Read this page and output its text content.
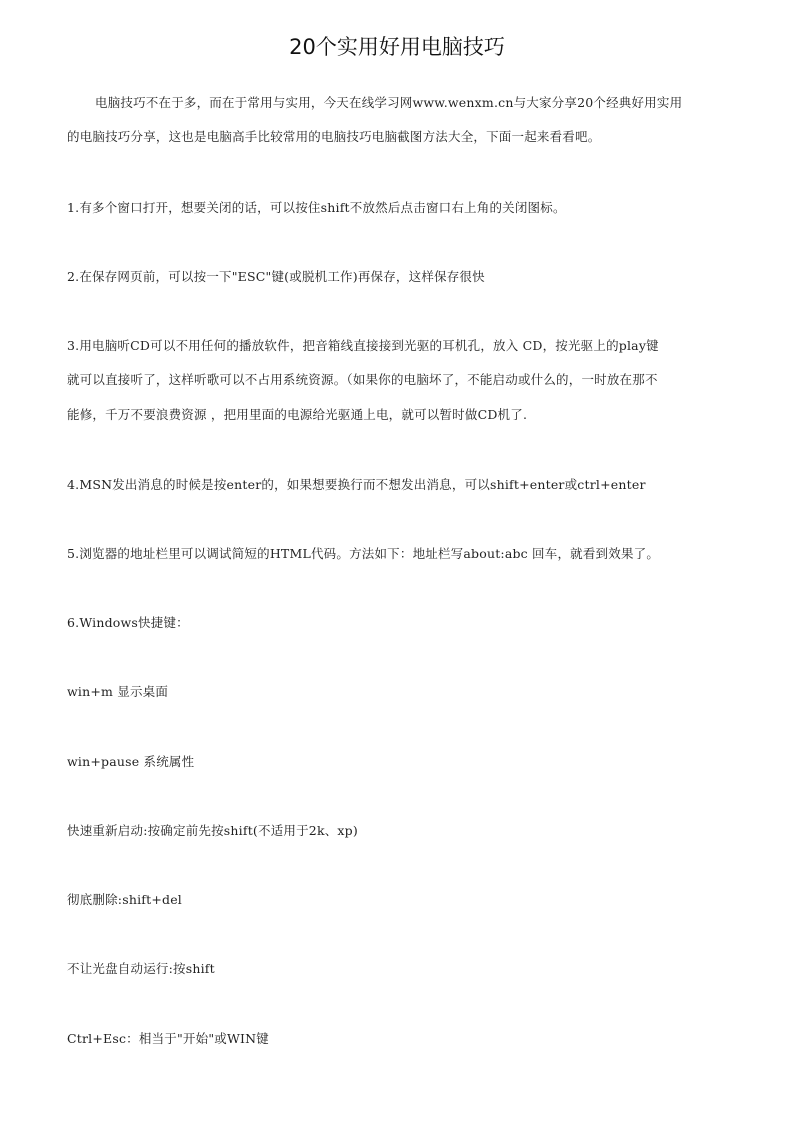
20个实用好用电脑技巧

电脑技巧不在于多，而在于常用与实用，今天在线学习网www.wenxm.cn与大家分享20个经典好用实用

的电脑技巧分享，这也是电脑高手比较常用的电脑技巧电脑截图方法大全，下面一起来看看吧。

1.有多个窗口打开，想要关闭的话，可以按住shift不放然后点击窗口右上角的关闭图标。

2.在保存网页前，可以按一下"ESC"键(或脱机工作)再保存，这样保存很快

3.用电脑听CD可以不用任何的播放软件，把音箱线直接接到光驱的耳机孔，放入 CD，按光驱上的play键

就可以直接听了，这样听歌可以不占用系统资源。（如果你的电脑坏了，不能启动或什么的，一时放在那不

能修，千万不要浪费资源 ，把用里面的电源给光驱通上电，就可以暂时做CD机了.

4.MSN发出消息的时候是按enter的，如果想要换行而不想发出消息，可以shift+enter或ctrl+enter

5.浏览器的地址栏里可以调试简短的HTML代码。方法如下：地址栏写about:abc 回车，就看到效果了。

6.Windows快捷键：

win+m 显示桌面

win+pause 系统属性

快速重新启动:按确定前先按shift(不适用于2k、xp)

彻底删除:shift+del

不让光盘自动运行:按shift

Ctrl+Esc：相当于"开始"或WIN键
